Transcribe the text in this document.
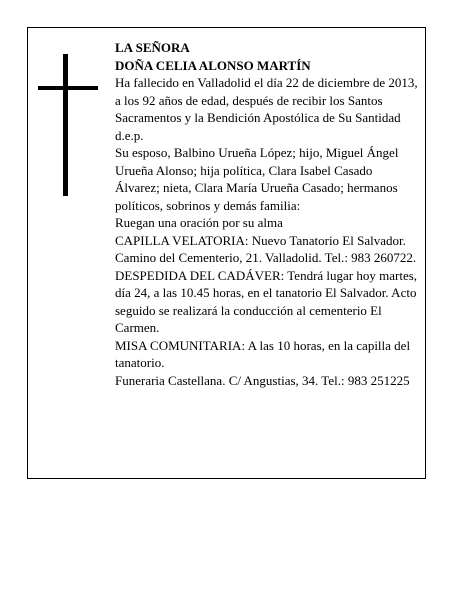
LA SEÑORA

DOÑA CELIA ALONSO MARTÍN

Ha fallecido en Valladolid el día 22 de diciembre de 2013, a los 92 años de edad, después de recibir los Santos Sacramentos y la Bendición Apostólica de Su Santidad

d.e.p.

Su esposo, Balbino Urueña López; hijo, Miguel Ángel Urueña Alonso; hija política, Clara Isabel Casado Álvarez; nieta, Clara María Urueña Casado; hermanos políticos, sobrinos y demás familia:

Ruegan una oración por su alma

CAPILLA VELATORIA: Nuevo Tanatorio El Salvador. Camino del Cementerio, 21. Valladolid. Tel.: 983 260722.

DESPEDIDA DEL CADÁVER: Tendrá lugar hoy martes, día 24, a las 10.45 horas, en el tanatorio El Salvador. Acto seguido se realizará la conducción al cementerio El Carmen.

MISA COMUNITARIA: A las 10 horas, en la capilla del tanatorio.

Funeraria Castellana. C/ Angustias, 34. Tel.: 983 251225
